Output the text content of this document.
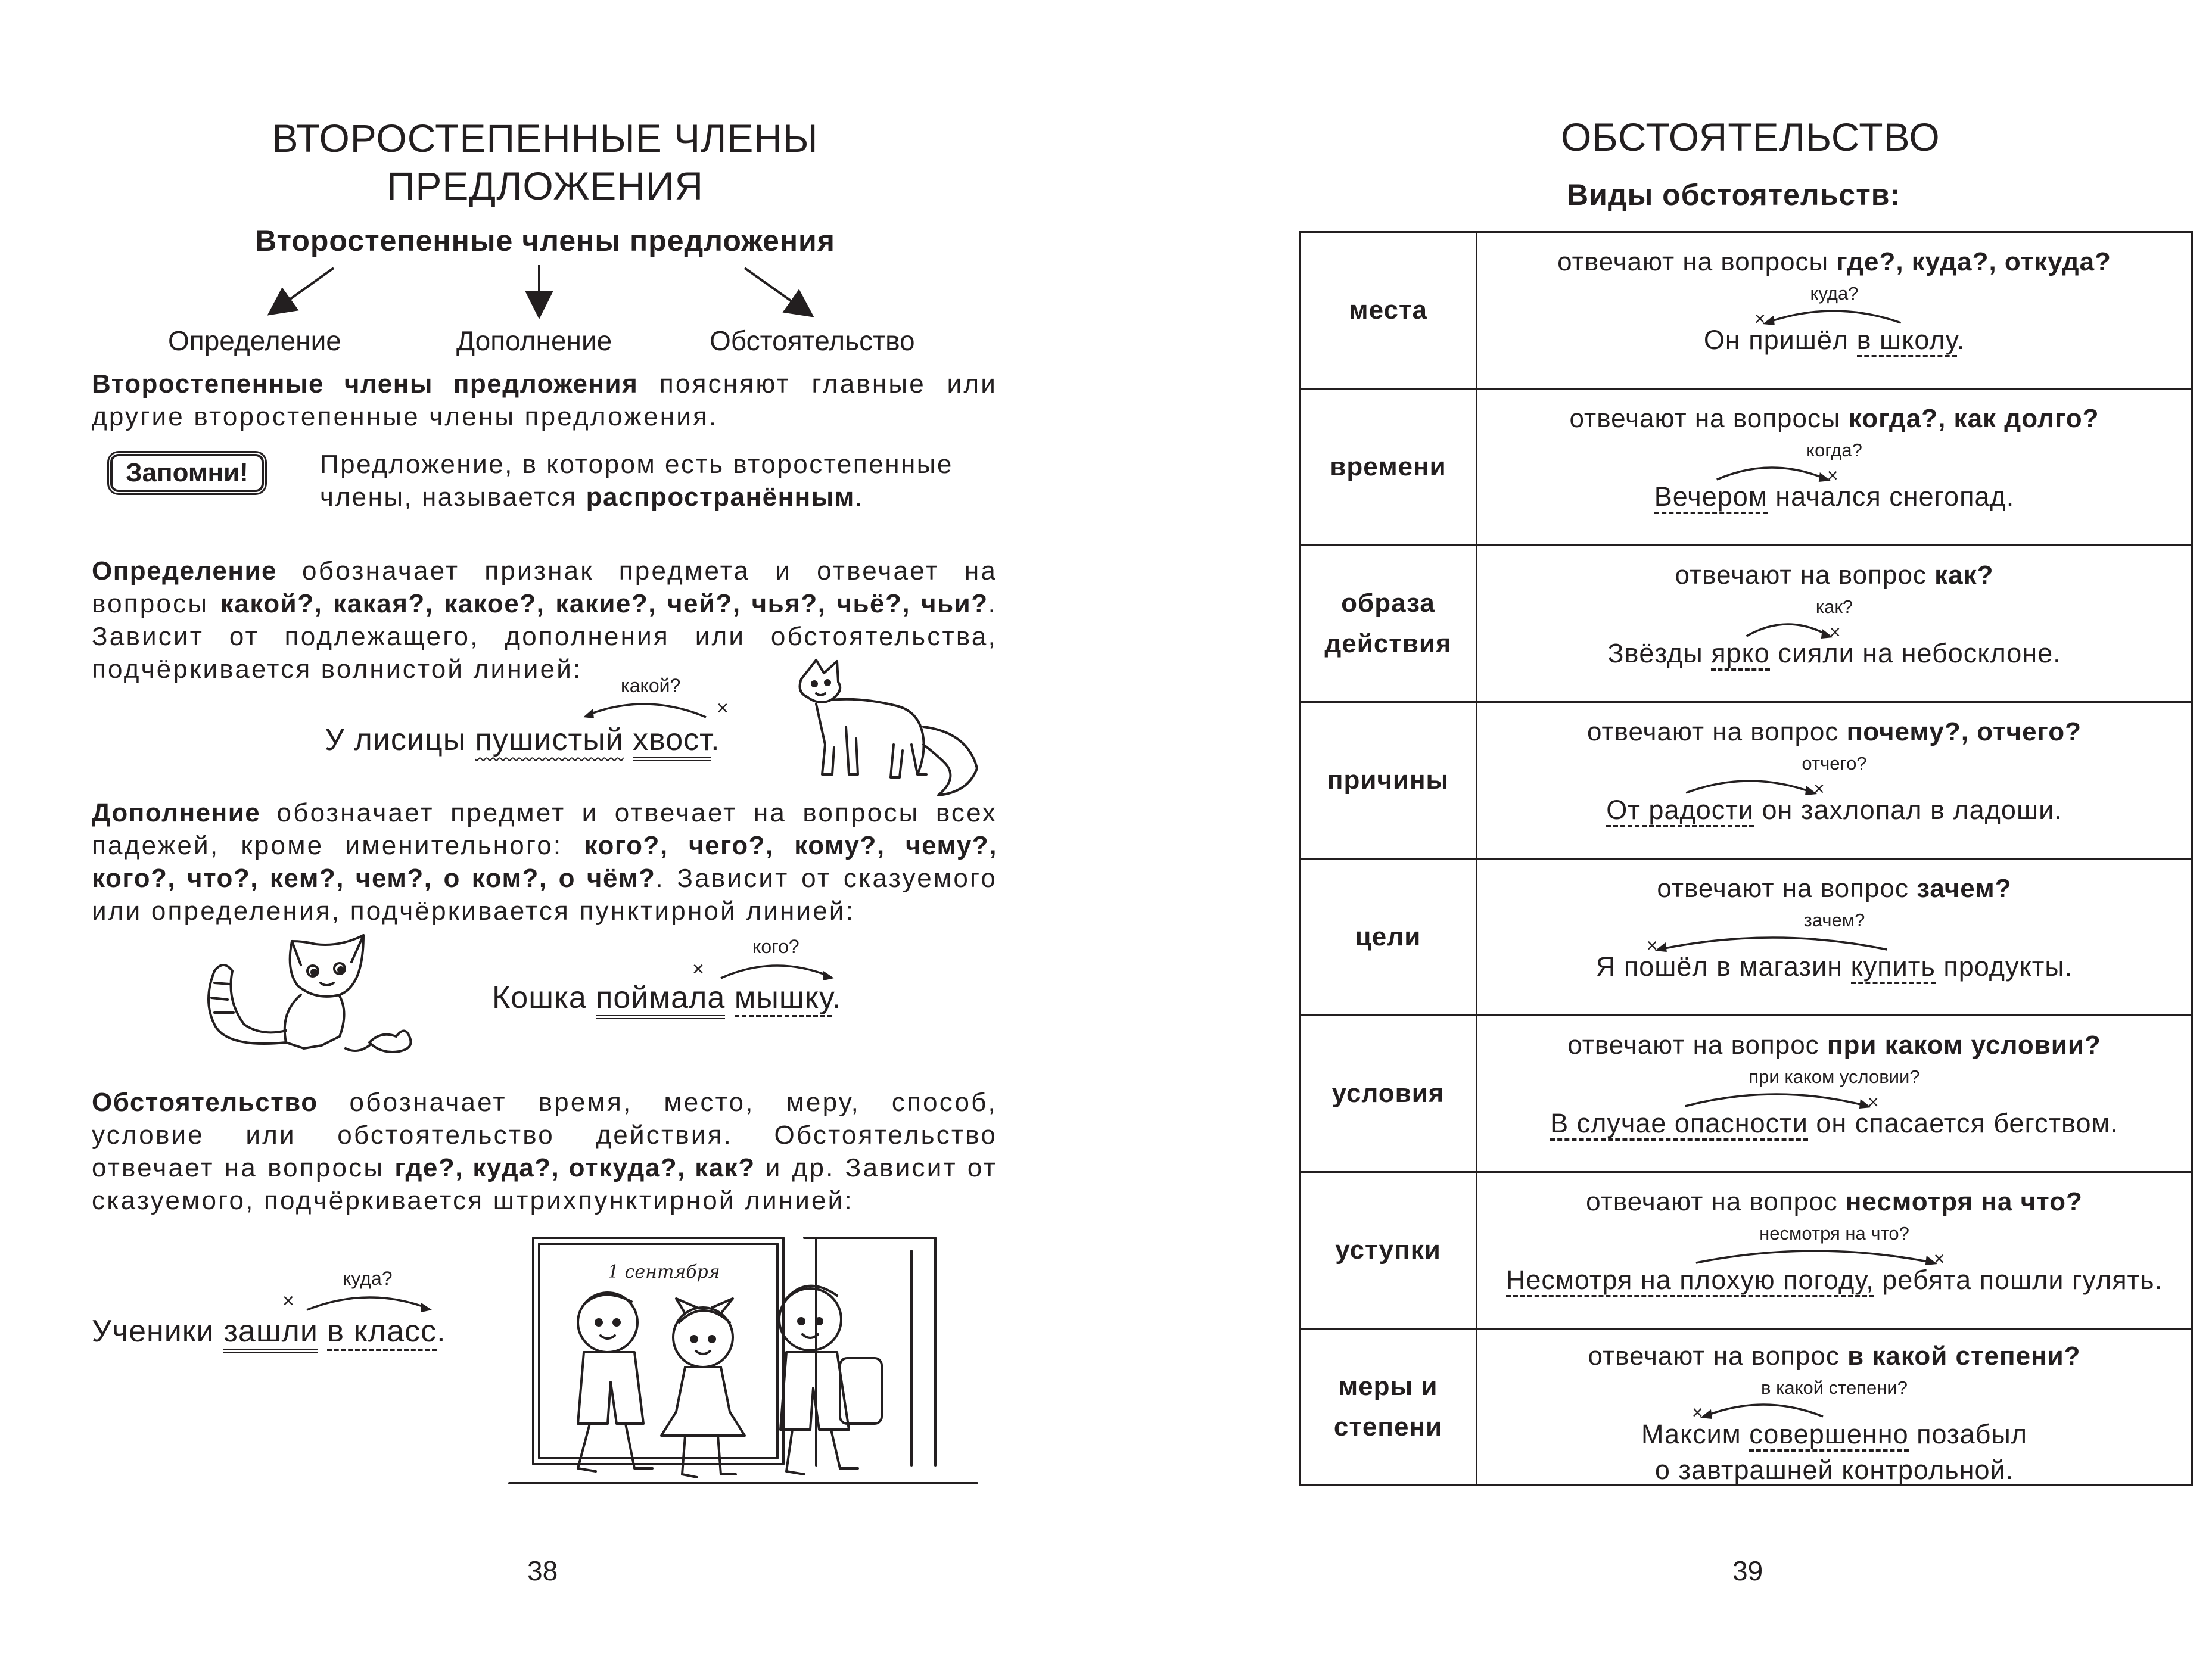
ВТОРОСТЕПЕННЫЕ ЧЛЕНЫ
ПРЕДЛОЖЕНИЯ
Второстепенные члены предложения
Определение	Дополнение	Обстоятельство
Второстепенные члены предложения поясняют главные или другие второстепенные члены предложения.
Запомни!	Предложение, в котором есть второстепенные члены, называется распространённым.
Определение обозначает признак предмета и отвечает на вопросы какой?, какая?, какое?, какие?, чей?, чья?, чьё?, чьи?. Зависит от подлежащего, дополнения или обстоятельства, подчёркивается волнистой линией:
какой?
×
У лисицы пушистый хвост.
Дополнение обозначает предмет и отвечает на вопросы всех падежей, кроме именительного: кого?, чего?, кому?, чему?, кого?, что?, кем?, чем?, о ком?, о чём?. Зависит от сказуемого или определения, подчёркивается пунктирной линией:
кого?
×
Кошка поймала мышку.
Обстоятельство обозначает время, место, меру, способ, условие или обстоятельство действия. Обстоятельство отвечает на вопросы где?, куда?, откуда?, как? и др. Зависит от сказуемого, подчёркивается штрихпунктирной линией:
куда?
×
Ученики зашли в класс.
1 сентября
38
ОБСТОЯТЕЛЬСТВО
Виды обстоятельств:
места	отвечают на вопросы где?, куда?, откуда?
куда?
×
Он пришёл в школу.

времени	отвечают на вопросы когда?, как долго?
когда?
×
Вечером начался снегопад.

образа действия	отвечают на вопрос как?
как?
×
Звёзды ярко сияли на небосклоне.

причины	отвечают на вопрос почему?, отчего?
отчего?
×
От радости он захлопал в ладоши.

цели	отвечают на вопрос зачем?
зачем?
×
Я пошёл в магазин купить продукты.

условия	отвечают на вопрос при каком условии?
при каком условии?
×
В случае опасности он спасается бегством.

уступки	отвечают на вопрос несмотря на что?
несмотря на что?
×
Несмотря на плохую погоду, ребята пошли гулять.

меры и степени	отвечают на вопрос в какой степени?
в какой степени?
×
Максим совершенно позабыл
о завтрашней контрольной.
39
